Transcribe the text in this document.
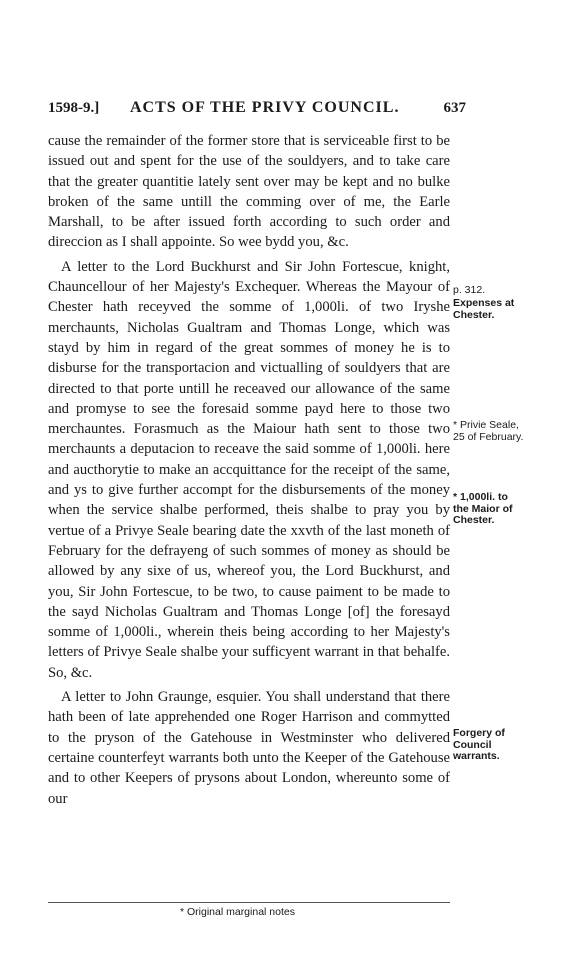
1598-9.] ACTS OF THE PRIVY COUNCIL.	637

cause the remainder of the former store that is serviceable first to be issued out and spent for the use of the souldyers, and to take care that the greater quantitie lately sent over may be kept and no bulke broken of the same untill the comming over of me, the Earle Marshall, to be after issued forth according to such order and direccion as I shall appointe. So wee bydd you, &c.

A letter to the Lord Buckhurst and Sir John Fortescue, knight, Chauncellour of her Majesty's Exchequer. Whereas the Mayour of Chester hath receyved the somme of 1,000li. of two Iryshe merchaunts, Nicholas Gualtram and Thomas Longe, which was stayd by him in regard of the great sommes of money he is to disburse for the transportacion and victualling of souldyers that are directed to that porte untill he receaved our allowance of the same and promyse to see the foresaid somme payd here to those two merchauntes. Forasmuch as the Maiour hath sent to those two merchaunts a deputacion to receave the said somme of 1,000li. here and aucthorytie to make an accquittance for the receipt of the same, and ys to give further accompt for the disbursements of the money when the service shalbe performed, theis shalbe to pray you by vertue of a Privye Seale bearing date the xxvth of the last moneth of February for the defrayeng of such sommes of money as should be allowed by any sixe of us, whereof you, the Lord Buckhurst, and you, Sir John Fortescue, to be two, to cause paiment to be made to the sayd Nicholas Gualtram and Thomas Longe [of] the foresayd somme of 1,000li., wherein theis being according to her Majesty's letters of Privye Seale shalbe your sufficyent warrant in that behalfe. So, &c.

A letter to John Graunge, esquier. You shall understand that there hath been of late apprehended one Roger Harrison and commytted to the pryson of the Gatehouse in Westminster who delivered certaine counterfeyt warrants both unto the Keeper of the Gatehouse and to other Keepers of prysons about London, whereunto some of our

p. 312.
Expenses at Chester.
* Privie Seale, 25 of February.
* 1,000li. to the Maior of Chester.
Forgery of Council warrants.
* Original marginal notes
